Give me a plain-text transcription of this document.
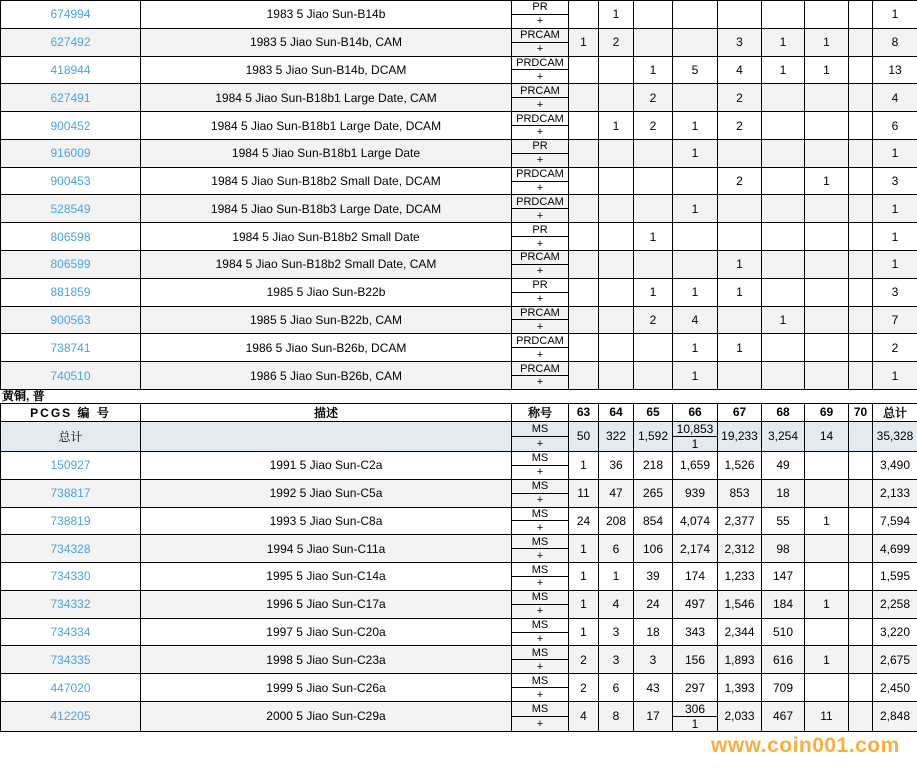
674994	1983 5 Jiao Sun-B14b	PR		1							1
		+									
627492	1983 5 Jiao Sun-B14b, CAM	PRCAM	1	2			3	1	1		8
		+									
418944	1983 5 Jiao Sun-B14b, DCAM	PRDCAM			1	5	4	1	1		13
		+									
627491	1984 5 Jiao Sun-B18b1 Large Date, CAM	PRCAM			2		2				4
		+									
900452	1984 5 Jiao Sun-B18b1 Large Date, DCAM	PRDCAM		1	2	1	2				6
		+									
916009	1984 5 Jiao Sun-B18b1 Large Date	PR				1					1
		+									
900453	1984 5 Jiao Sun-B18b2 Small Date, DCAM	PRDCAM					2		1		3
		+									
528549	1984 5 Jiao Sun-B18b3 Large Date, DCAM	PRDCAM				1					1
		+									
806598	1984 5 Jiao Sun-B18b2 Small Date	PR			1						1
		+									
806599	1984 5 Jiao Sun-B18b2 Small Date, CAM	PRCAM					1				1
		+									
881859	1985 5 Jiao Sun-B22b	PR			1	1	1				3
		+									
900563	1985 5 Jiao Sun-B22b, CAM	PRCAM			2	4		1			7
		+									
738741	1986 5 Jiao Sun-B26b, DCAM	PRDCAM				1	1				2
		+									
740510	1986 5 Jiao Sun-B26b, CAM	PRCAM				1					1
		+									
黄铜, 普
PCGS 编 号	描述	称号	63	64	65	66	67	68	69	70	总计
总计		MS	50	322	1,592	10,853	19,233	3,254	14		35,328
		+				1					
150927	1991 5 Jiao Sun-C2a	MS	1	36	218	1,659	1,526	49			3,490
		+									
738817	1992 5 Jiao Sun-C5a	MS	11	47	265	939	853	18			2,133
		+									
738819	1993 5 Jiao Sun-C8a	MS	24	208	854	4,074	2,377	55	1		7,594
		+									
734328	1994 5 Jiao Sun-C11a	MS	1	6	106	2,174	2,312	98			4,699
		+									
734330	1995 5 Jiao Sun-C14a	MS	1	1	39	174	1,233	147			1,595
		+									
734332	1996 5 Jiao Sun-C17a	MS	1	4	24	497	1,546	184	1		2,258
		+									
734334	1997 5 Jiao Sun-C20a	MS	1	3	18	343	2,344	510			3,220
		+									
734335	1998 5 Jiao Sun-C23a	MS	2	3	3	156	1,893	616	1		2,675
		+									
447020	1999 5 Jiao Sun-C26a	MS	2	6	43	297	1,393	709			2,450
		+									
412205	2000 5 Jiao Sun-C29a	MS	4	8	17	306	2,033	467	11		2,848
		+				1					
www.coin001.com
